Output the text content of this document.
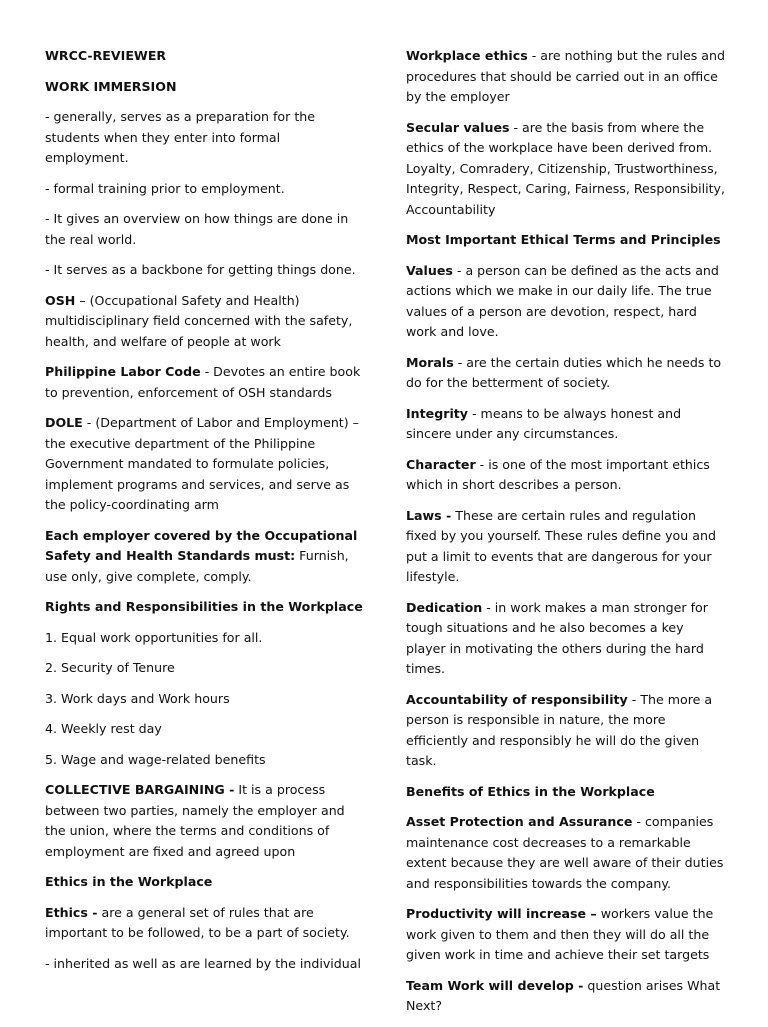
WRCC-REVIEWER

WORK IMMERSION

- generally, serves as a preparation for the students when they enter into formal employment.

- formal training prior to employment.

- It gives an overview on how things are done in the real world.

- It serves as a backbone for getting things done.

OSH – (Occupational Safety and Health) multidisciplinary field concerned with the safety, health, and welfare of people at work

Philippine Labor Code - Devotes an entire book to prevention, enforcement of OSH standards

DOLE - (Department of Labor and Employment) – the executive department of the Philippine Government mandated to formulate policies, implement programs and services, and serve as the policy-coordinating arm

Each employer covered by the Occupational Safety and Health Standards must: Furnish, use only, give complete, comply.

Rights and Responsibilities in the Workplace

1. Equal work opportunities for all.

2. Security of Tenure

3. Work days and Work hours

4. Weekly rest day

5. Wage and wage-related benefits

COLLECTIVE BARGAINING - It is a process between two parties, namely the employer and the union, where the terms and conditions of employment are fixed and agreed upon

Ethics in the Workplace

Ethics - are a general set of rules that are important to be followed, to be a part of society.

- inherited as well as are learned by the individual

Workplace ethics - are nothing but the rules and procedures that should be carried out in an office by the employer

Secular values - are the basis from where the ethics of the workplace have been derived from. Loyalty, Comradery, Citizenship, Trustworthiness, Integrity, Respect, Caring, Fairness, Responsibility, Accountability

Most Important Ethical Terms and Principles

Values - a person can be defined as the acts and actions which we make in our daily life. The true values of a person are devotion, respect, hard work and love.

Morals - are the certain duties which he needs to do for the betterment of society.

Integrity - means to be always honest and sincere under any circumstances.

Character - is one of the most important ethics which in short describes a person.

Laws - These are certain rules and regulation fixed by you yourself. These rules define you and put a limit to events that are dangerous for your lifestyle.

Dedication - in work makes a man stronger for tough situations and he also becomes a key player in motivating the others during the hard times.

Accountability of responsibility - The more a person is responsible in nature, the more efficiently and responsibly he will do the given task.

Benefits of Ethics in the Workplace

Asset Protection and Assurance - companies maintenance cost decreases to a remarkable extent because they are well aware of their duties and responsibilities towards the company.

Productivity will increase – workers value the work given to them and then they will do all the given work in time and achieve their set targets

Team Work will develop - question arises What Next?
